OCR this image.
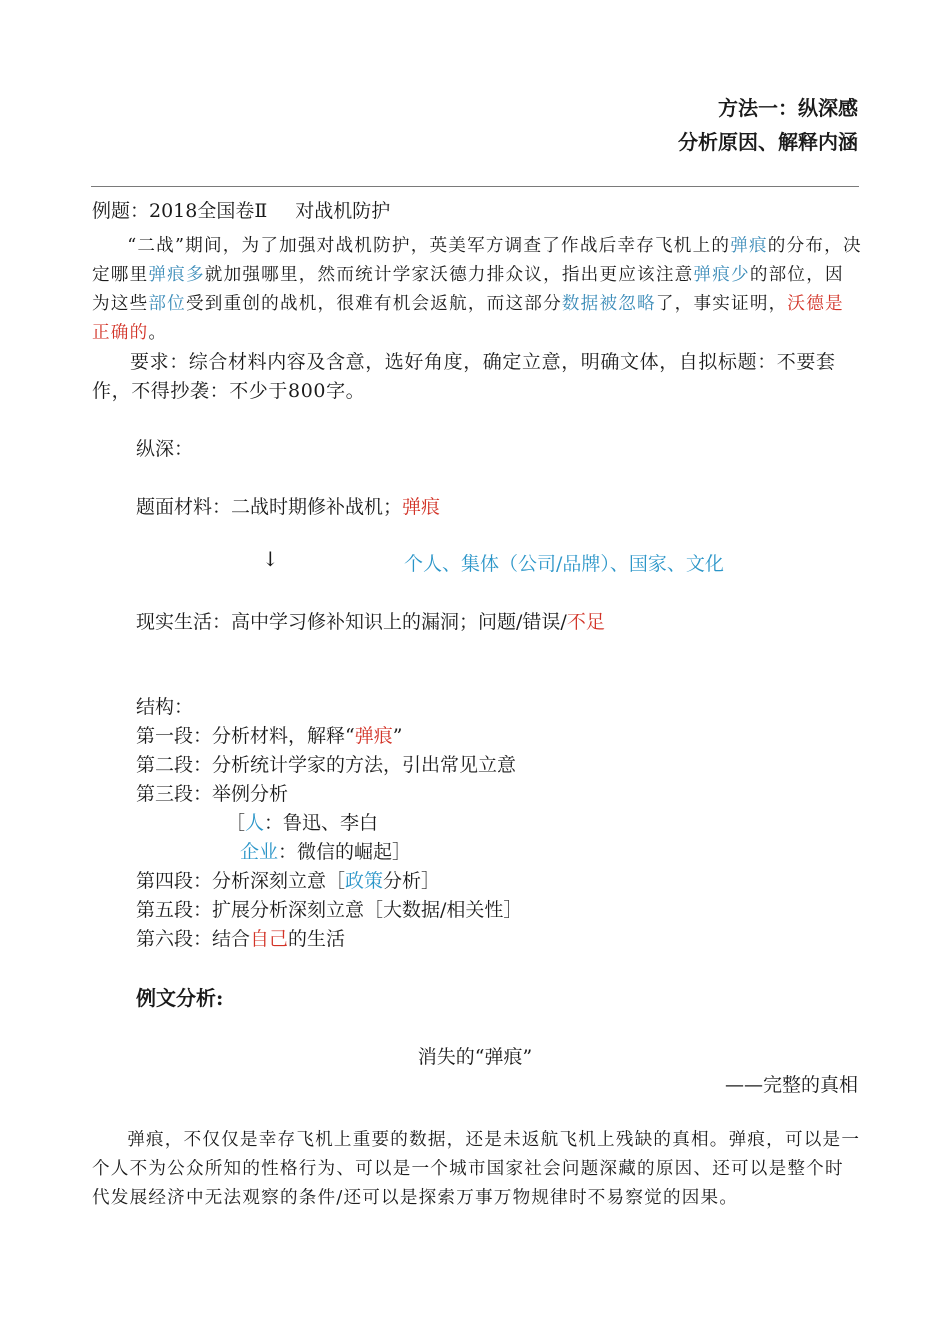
方法一：纵深感
分析原因、解释内涵
例题：2018全国卷Ⅱ 对战机防护

“二战”期间，为了加强对战机防护，英美军方调查了作战后幸存飞机上的弹痕的分布，决定哪里弹痕多就加强哪里，然而统计学家沃德力排众议，指出更应该注意弹痕少的部位，因为这些部位受到重创的战机，很难有机会返航，而这部分数据被忽略了，事实证明，沃德是正确的。

要求：综合材料内容及含意，选好角度，确定立意，明确文体，自拟标题：不要套作，不得抄袭：不少于800字。

纵深：
题面材料：二战时期修补战机；弹痕
↓	个人、集体（公司/品牌）、国家、文化
现实生活：高中学习修补知识上的漏洞；问题/错误/不足
结构：
第一段：分析材料，解释“弹痕”
第二段：分析统计学家的方法，引出常见立意
第三段：举例分析
［人：鲁迅、李白
企业：微信的崛起］
第四段：分析深刻立意［政策分析］
第五段：扩展分析深刻立意［大数据/相关性］
第六段：结合自己的生活
例文分析:
消失的“弹痕”
——完整的真相

弹痕，不仅仅是幸存飞机上重要的数据，还是未返航飞机上残缺的真相。弹痕，可以是一个人不为公众所知的性格行为、可以是一个城市国家社会问题深藏的原因、还可以是整个时代发展经济中无法观察的条件/还可以是探索万事万物规律时不易察觉的因果。
